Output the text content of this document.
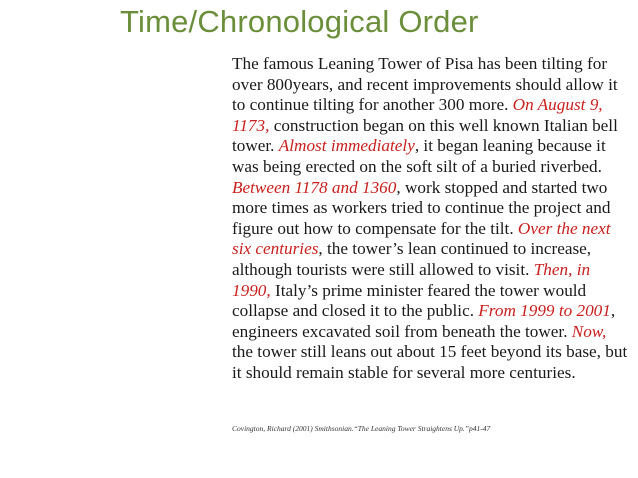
Time/Chronological Order
The famous Leaning Tower of Pisa has been tilting for over 800years, and recent improvements should allow it to continue tilting for another 300 more. On August 9, 1173, construction began on this well known Italian bell tower. Almost immediately, it began leaning because it was being erected on the soft silt of a buried riverbed. Between 1178 and 1360, work stopped and started two more times as workers tried to continue the project and figure out how to compensate for the tilt. Over the next six centuries, the tower’s lean continued to increase, although tourists were still allowed to visit. Then, in 1990, Italy’s prime minister feared the tower would collapse and closed it to the public. From 1999 to 2001, engineers excavated soil from beneath the tower. Now, the tower still leans out about 15 feet beyond its base, but it should remain stable for several more centuries.
Covington, Richard (2001) Smithsonian.“The Leaning Tower Straightens Up.”p41-47
